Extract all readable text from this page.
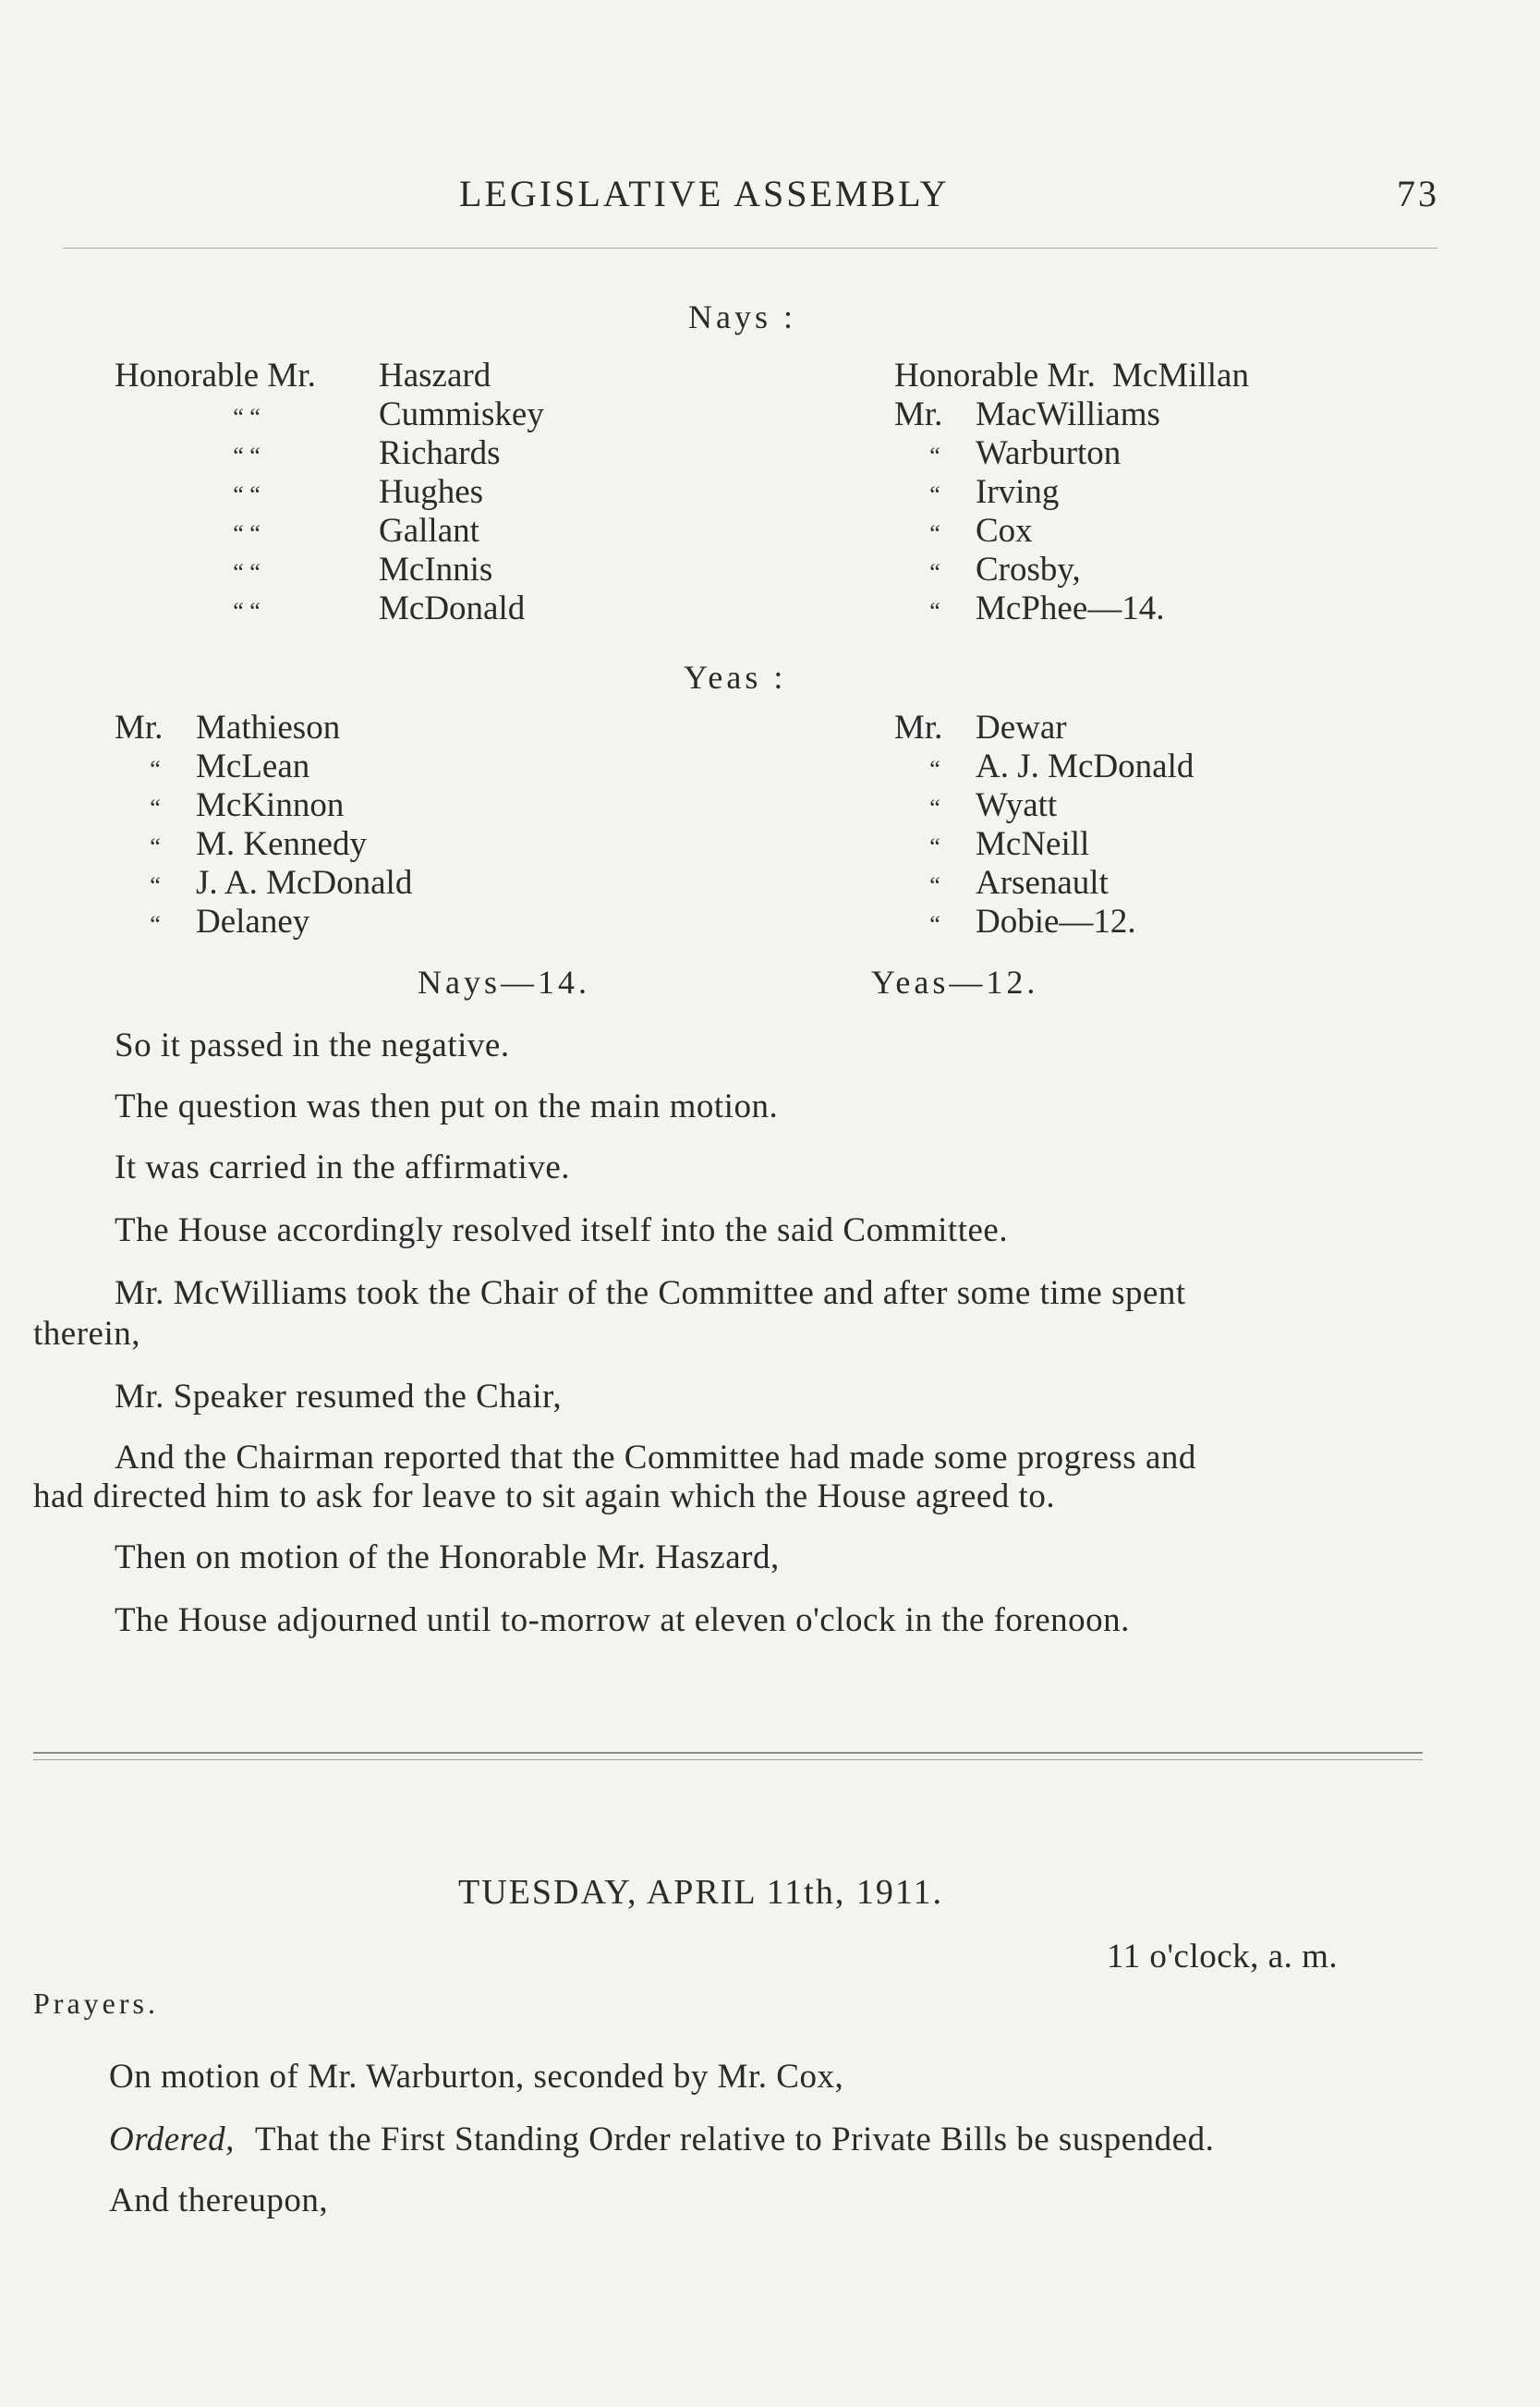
LEGISLATIVE ASSEMBLY	73
Nays :
Honorable Mr. Haszard
“ “	Cummiskey
“ “	Richards
“ “	Hughes
“ “	Gallant
“ “	McInnis
“ “	McDonald
Honorable Mr. McMillan
Mr. MacWilliams
“ Warburton
“ Irving
“ Cox
“ Crosby,
“ McPhee—14.
Yeas :
Mr. Mathieson
“ McLean
“ McKinnon
“ M. Kennedy
“ J. A. McDonald
“ Delaney
Mr. Dewar
“ A. J. McDonald
“ Wyatt
“ McNeill
“ Arsenault
“ Dobie—12.
Nays—14.	Yeas—12.
So it passed in the negative.
The question was then put on the main motion.
It was carried in the affirmative.
The House accordingly resolved itself into the said Committee.
Mr. McWilliams took the Chair of the Committee and after some time spent
therein,
Mr. Speaker resumed the Chair,
And the Chairman reported that the Committee had made some progress and
had directed him to ask for leave to sit again which the House agreed to.
Then on motion of the Honorable Mr. Haszard,
The House adjourned until to-morrow at eleven o'clock in the forenoon.
TUESDAY, APRIL 11th, 1911.
11 o'clock, a. m.
Prayers.
On motion of Mr. Warburton, seconded by Mr. Cox,
Ordered, That the First Standing Order relative to Private Bills be suspended.
And thereupon,
